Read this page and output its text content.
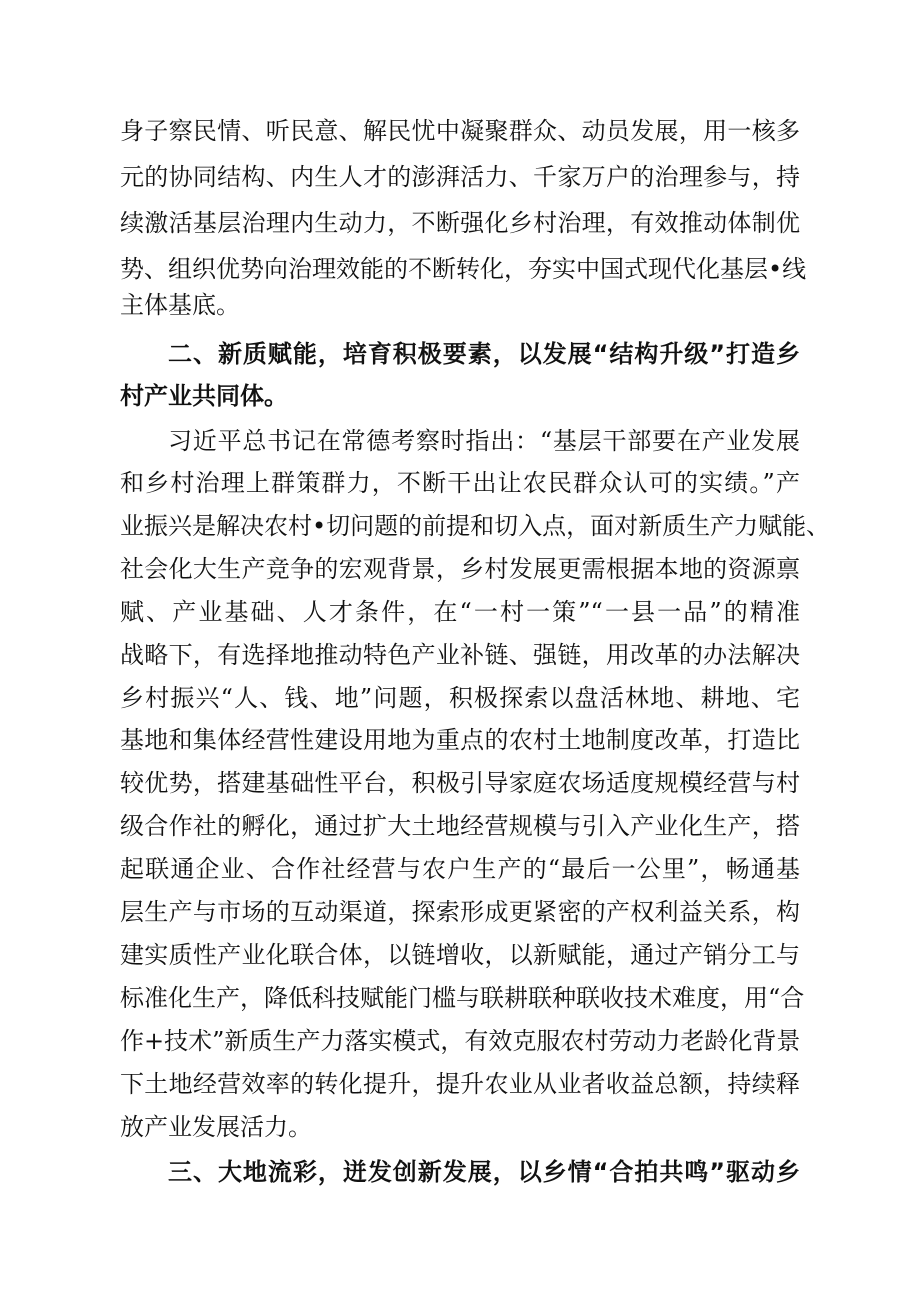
身子察民情、听民意、解民忧中凝聚群众、动员发展，用一核多
元的协同结构、内生人才的澎湃活力、千家万户的治理参与，持
续激活基层治理内生动力，不断强化乡村治理，有效推动体制优
势、组织优势向治理效能的不断转化，夯实中国式现代化基层•线
主体基底。
二、新质赋能，培育积极要素，以发展“结构升级”打造乡
村产业共同体。
习近平总书记在常德考察时指出：“基层干部要在产业发展
和乡村治理上群策群力，不断干出让农民群众认可的实绩。”产
业振兴是解决农村•切问题的前提和切入点，面对新质生产力赋能、
社会化大生产竞争的宏观背景，乡村发展更需根据本地的资源禀
赋、产业基础、人才条件，在“一村一策”“一县一品”的精准
战略下，有选择地推动特色产业补链、强链，用改革的办法解决
乡村振兴“人、钱、地”问题，积极探索以盘活林地、耕地、宅
基地和集体经营性建设用地为重点的农村土地制度改革，打造比
较优势，搭建基础性平台，积极引导家庭农场适度规模经营与村
级合作社的孵化，通过扩大土地经营规模与引入产业化生产，搭
起联通企业、合作社经营与农户生产的“最后一公里”，畅通基
层生产与市场的互动渠道，探索形成更紧密的产权利益关系，构
建实质性产业化联合体，以链增收，以新赋能，通过产销分工与
标准化生产，降低科技赋能门槛与联耕联种联收技术难度，用“合
作+技术”新质生产力落实模式，有效克服农村劳动力老龄化背景
下土地经营效率的转化提升，提升农业从业者收益总额，持续释
放产业发展活力。
三、大地流彩，迸发创新发展，以乡情“合拍共鸣”驱动乡
